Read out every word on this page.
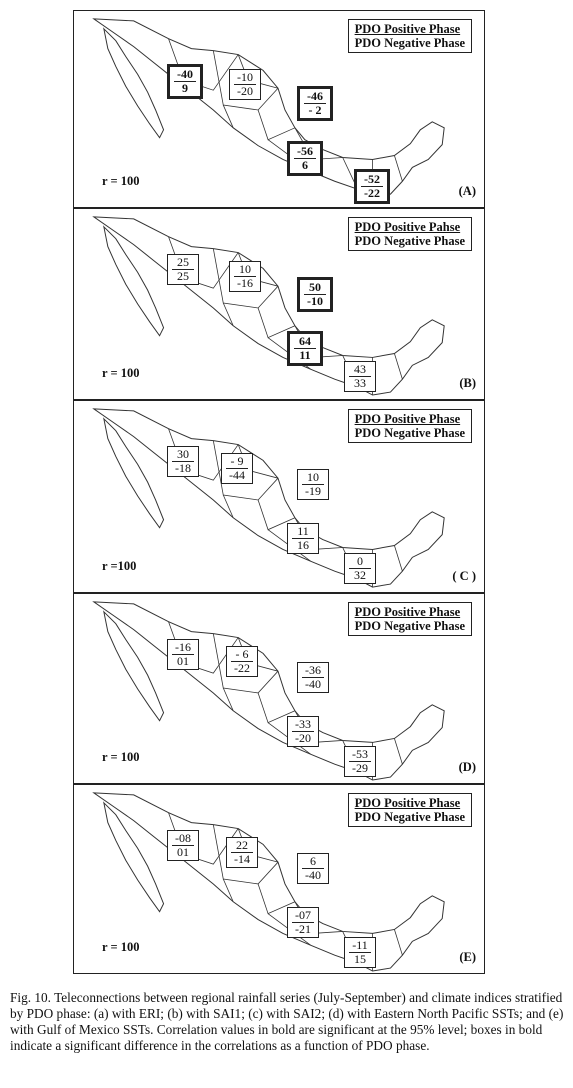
PDO Positive Phase
PDO Negative Phase
-40
9
-10
-20	-46
- 2
-56
6
-52
-22
r = 100
(A)
PDO Positive Pahse
PDO Negative Phase
25
25	10
-16	50
-10
64
11
43
33
r = 100
(B)
PDO Positive Phase
PDO Negative Phase
30
-18	- 9
-44	10
-19
11
16
0
32
r =100
( C )
PDO Positive Phase
PDO Negative Phase
-16
01	- 6
-22	-36
-40
-33
-20
-53
-29
r = 100
(D)
PDO Positive Phase
PDO Negative Phase
-08
01	22
-14	6
-40
-07
-21
-11
15
r = 100
(E)

Fig. 10. Teleconnections between regional rainfall series (July-September) and climate indices stratified by PDO phase: (a) with ERI; (b) with SAI1; (c) with SAI2; (d) with Eastern North Pacific SSTs; and (e) with Gulf of Mexico SSTs. Correlation values in bold are significant at the 95% level; boxes in bold indicate a significant difference in the correlations as a function of PDO phase.
